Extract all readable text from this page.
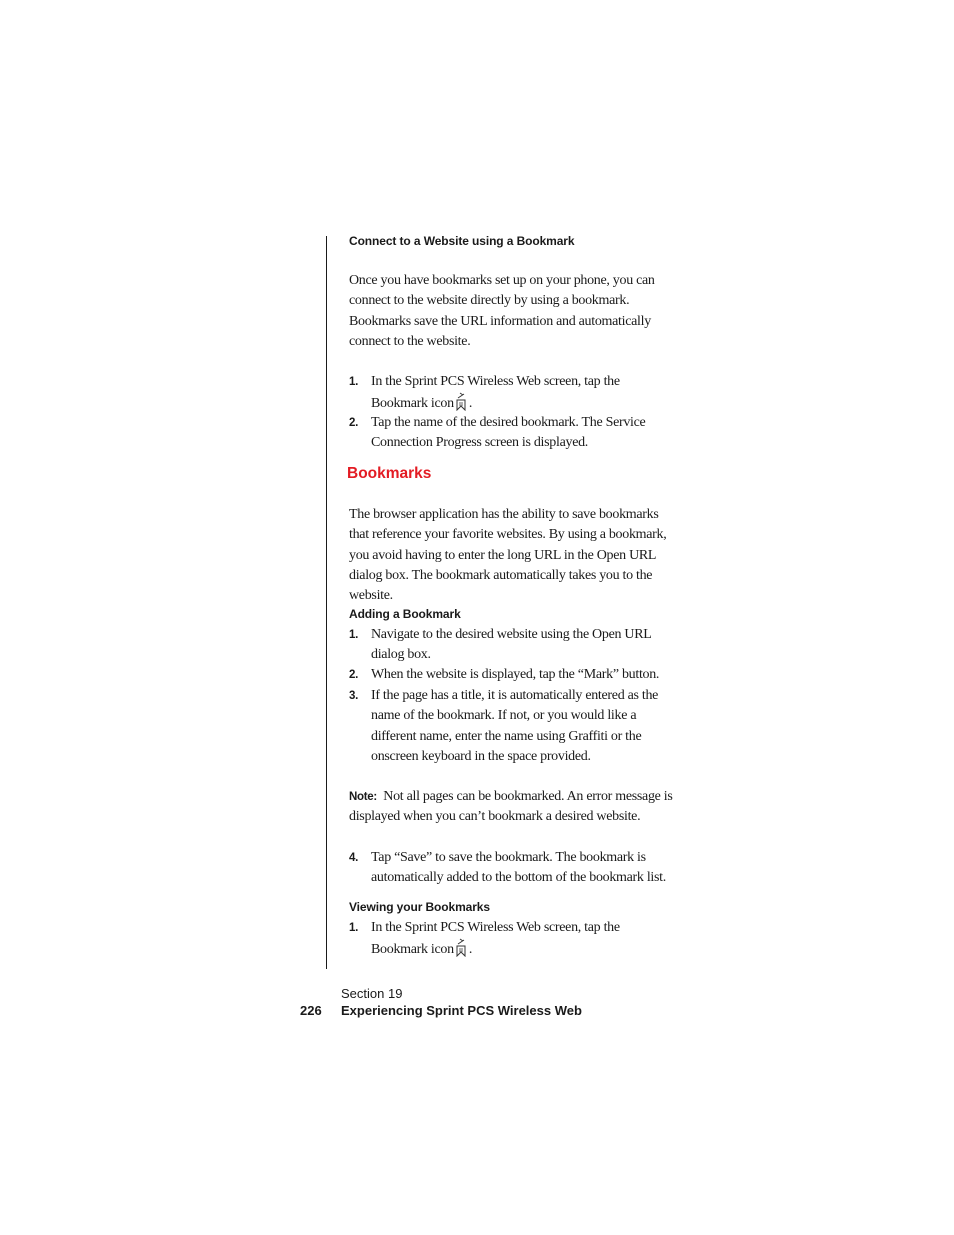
Connect to a Website using a Bookmark

Once you have bookmarks set up on your phone, you can connect to the website directly by using a bookmark. Bookmarks save the URL information and automatically connect to the website.

1. In the Sprint PCS Wireless Web screen, tap the Bookmark icon .
2. Tap the name of the desired bookmark. The Service Connection Progress screen is displayed.
Bookmarks

The browser application has the ability to save bookmarks that reference your favorite websites. By using a bookmark, you avoid having to enter the long URL in the Open URL dialog box. The bookmark automatically takes you to the website.

Adding a Bookmark
1. Navigate to the desired website using the Open URL dialog box.
2. When the website is displayed, tap the “Mark” button.
3. If the page has a title, it is automatically entered as the name of the bookmark. If not, or you would like a different name, enter the name using Graffiti or the onscreen keyboard in the space provided.

Note: Not all pages can be bookmarked. An error message is displayed when you can’t bookmark a desired website.

4. Tap “Save” to save the bookmark. The bookmark is automatically added to the bottom of the bookmark list.
Viewing your Bookmarks
1. In the Sprint PCS Wireless Web screen, tap the Bookmark icon .

Section 19

226 Experiencing Sprint PCS Wireless Web
